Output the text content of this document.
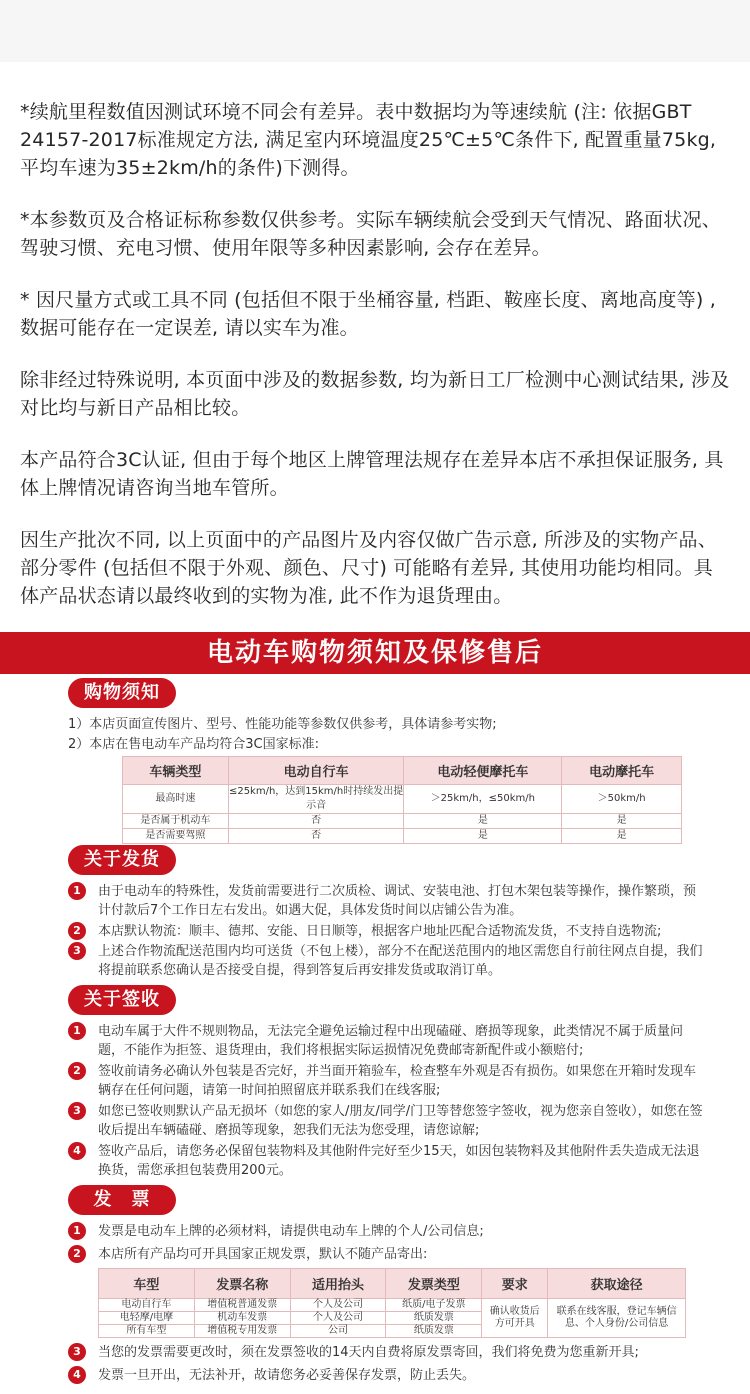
*续航里程数值因测试环境不同会有差异。表中数据均为等速续航 (注: 依据GBT 24157-2017标准规定方法, 满足室内环境温度25℃±5℃条件下, 配置重量75kg, 平均车速为35±2km/h的条件)下测得。

*本参数页及合格证标称参数仅供参考。实际车辆续航会受到天气情况、路面状况、驾驶习惯、充电习惯、使用年限等多种因素影响, 会存在差异。

* 因尺量方式或工具不同 (包括但不限于坐桶容量, 档距、鞍座长度、离地高度等) , 数据可能存在一定误差, 请以实车为准。

除非经过特殊说明, 本页面中涉及的数据参数, 均为新日工厂检测中心测试结果, 涉及对比均与新日产品相比较。

本产品符合3C认证, 但由于每个地区上牌管理法规存在差异本店不承担保证服务, 具体上牌情况请咨询当地车管所。

因生产批次不同, 以上页面中的产品图片及内容仅做广告示意, 所涉及的实物产品、部分零件 (包括但不限于外观、颜色、尺寸) 可能略有差异, 其使用功能均相同。具体产品状态请以最终收到的实物为准, 此不作为退货理由。

电动车购物须知及保修售后
购物须知
1）本店页面宣传图片、型号、性能功能等参数仅供参考，具体请参考实物;
2）本店在售电动车产品均符合3C国家标准:
车辆类型	电动自行车	电动轻便摩托车	电动摩托车
最高时速	≤25km/h，达到15km/h时持续发出提示音	＞25km/h，≤50km/h	＞50km/h
是否属于机动车	否	是	是
是否需要驾照	否	是	是
关于发货
1	由于电动车的特殊性，发货前需要进行二次质检、调试、安装电池、打包木架包装等操作，操作繁琐，预计付款后7个工作日左右发出。如遇大促，具体发货时间以店铺公告为准。
2	本店默认物流：顺丰、德邦、安能、日日顺等，根据客户地址匹配合适物流发货，不支持自选物流;
3	上述合作物流配送范围内均可送货（不包上楼），部分不在配送范围内的地区需您自行前往网点自提，我们将提前联系您确认是否接受自提，得到答复后再安排发货或取消订单。
关于签收
1	电动车属于大件不规则物品，无法完全避免运输过程中出现磕碰、磨损等现象，此类情况不属于质量问题，不能作为拒签、退货理由，我们将根据实际运损情况免费邮寄新配件或小额赔付;
2	签收前请务必确认外包装是否完好，并当面开箱验车，检查整车外观是否有损伤。如果您在开箱时发现车辆存在任何问题，请第一时间拍照留底并联系我们在线客服;
3	如您已签收则默认产品无损坏（如您的家人/朋友/同学/门卫等替您签字签收，视为您亲自签收），如您在签收后提出车辆磕碰、磨损等现象，恕我们无法为您受理，请您谅解;
4	签收产品后，请您务必保留包装物料及其他附件完好至少15天，如因包装物料及其他附件丢失造成无法退换货，需您承担包装费用200元。
发　票
1	发票是电动车上牌的必须材料，请提供电动车上牌的个人/公司信息;
2	本店所有产品均可开具国家正规发票，默认不随产品寄出:
车型	发票名称	适用抬头	发票类型	要求	获取途径
电动自行车	增值税普通发票	个人及公司	纸质/电子发票	确认收货后方可开具	联系在线客服，登记车辆信息、个人身份/公司信息
电轻摩/电摩	机动车发票	个人及公司	纸质发票		
所有车型	增值税专用发票	公司	纸质发票		
3	当您的发票需要更改时，须在发票签收的14天内自费将原发票寄回，我们将免费为您重新开具;
4	发票一旦开出，无法补开，故请您务必妥善保存发票，防止丢失。
